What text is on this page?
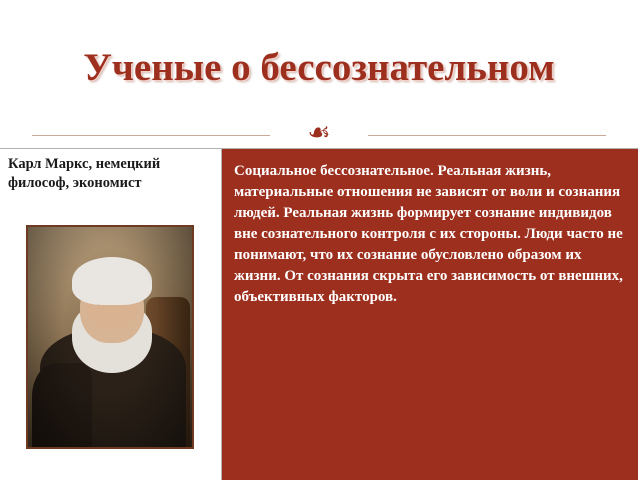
Ученые о бессознательном
☙
Карл Маркс, немецкий философ, экономист

Социальное бессознательное. Реальная жизнь, материальные отношения не зависят от воли и сознания людей. Реальная жизнь формирует сознание индивидов вне сознательного контроля с их стороны. Люди часто не понимают, что их сознание обусловлено образом их жизни. От сознания скрыта его зависимость от внешних, объективных факторов.
